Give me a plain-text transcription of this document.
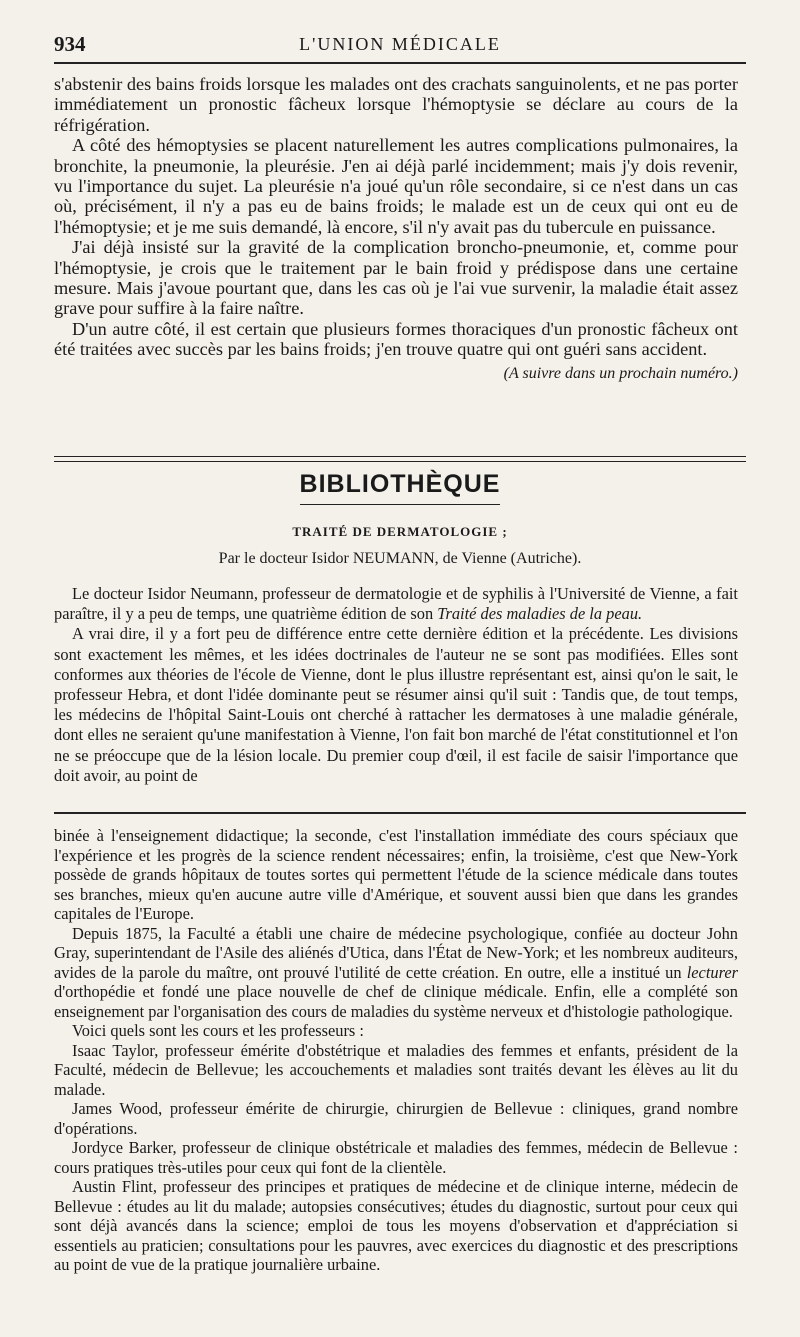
934	L'UNION MÉDICALE

s'abstenir des bains froids lorsque les malades ont des crachats sanguinolents, et ne pas porter immédiatement un pronostic fâcheux lorsque l'hémoptysie se déclare au cours de la réfrigération.

A côté des hémoptysies se placent naturellement les autres complications pulmonaires, la bronchite, la pneumonie, la pleurésie. J'en ai déjà parlé incidemment; mais j'y dois revenir, vu l'importance du sujet. La pleurésie n'a joué qu'un rôle secondaire, si ce n'est dans un cas où, précisément, il n'y a pas eu de bains froids; le malade est un de ceux qui ont eu de l'hémoptysie; et je me suis demandé, là encore, s'il n'y avait pas du tubercule en puissance.

J'ai déjà insisté sur la gravité de la complication broncho-pneumonie, et, comme pour l'hémoptysie, je crois que le traitement par le bain froid y prédispose dans une certaine mesure. Mais j'avoue pourtant que, dans les cas où je l'ai vue survenir, la maladie était assez grave pour suffire à la faire naître.

D'un autre côté, il est certain que plusieurs formes thoraciques d'un pronostic fâcheux ont été traitées avec succès par les bains froids; j'en trouve quatre qui ont guéri sans accident.

(A suivre dans un prochain numéro.)

BIBLIOTHÈQUE
TRAITÉ DE DERMATOLOGIE ;
Par le docteur Isidor NEUMANN, de Vienne (Autriche).

Le docteur Isidor Neumann, professeur de dermatologie et de syphilis à l'Université de Vienne, a fait paraître, il y a peu de temps, une quatrième édition de son Traité des maladies de la peau.

A vrai dire, il y a fort peu de différence entre cette dernière édition et la précédente. Les divisions sont exactement les mêmes, et les idées doctrinales de l'auteur ne se sont pas modifiées. Elles sont conformes aux théories de l'école de Vienne, dont le plus illustre représentant est, ainsi qu'on le sait, le professeur Hebra, et dont l'idée dominante peut se résumer ainsi qu'il suit : Tandis que, de tout temps, les médecins de l'hôpital Saint-Louis ont cherché à rattacher les dermatoses à une maladie générale, dont elles ne seraient qu'une manifestation à Vienne, l'on fait bon marché de l'état constitutionnel et l'on ne se préoccupe que de la lésion locale. Du premier coup d'œil, il est facile de saisir l'importance que doit avoir, au point de

binée à l'enseignement didactique; la seconde, c'est l'installation immédiate des cours spéciaux que l'expérience et les progrès de la science rendent nécessaires; enfin, la troisième, c'est que New-York possède de grands hôpitaux de toutes sortes qui permettent l'étude de la science médicale dans toutes ses branches, mieux qu'en aucune autre ville d'Amérique, et souvent aussi bien que dans les grandes capitales de l'Europe.

Depuis 1875, la Faculté a établi une chaire de médecine psychologique, confiée au docteur John Gray, superintendant de l'Asile des aliénés d'Utica, dans l'État de New-York; et les nombreux auditeurs, avides de la parole du maître, ont prouvé l'utilité de cette création. En outre, elle a institué un lecturer d'orthopédie et fondé une place nouvelle de chef de clinique médicale. Enfin, elle a complété son enseignement par l'organisation des cours de maladies du système nerveux et d'histologie pathologique.

Voici quels sont les cours et les professeurs :

Isaac Taylor, professeur émérite d'obstétrique et maladies des femmes et enfants, président de la Faculté, médecin de Bellevue; les accouchements et maladies sont traités devant les élèves au lit du malade.

James Wood, professeur émérite de chirurgie, chirurgien de Bellevue : cliniques, grand nombre d'opérations.

Jordyce Barker, professeur de clinique obstétricale et maladies des femmes, médecin de Bellevue : cours pratiques très-utiles pour ceux qui font de la clientèle.

Austin Flint, professeur des principes et pratiques de médecine et de clinique interne, médecin de Bellevue : études au lit du malade; autopsies consécutives; études du diagnostic, surtout pour ceux qui sont déjà avancés dans la science; emploi de tous les moyens d'observation et d'appréciation si essentiels au praticien; consultations pour les pauvres, avec exercices du diagnostic et des prescriptions au point de vue de la pratique journalière urbaine.
